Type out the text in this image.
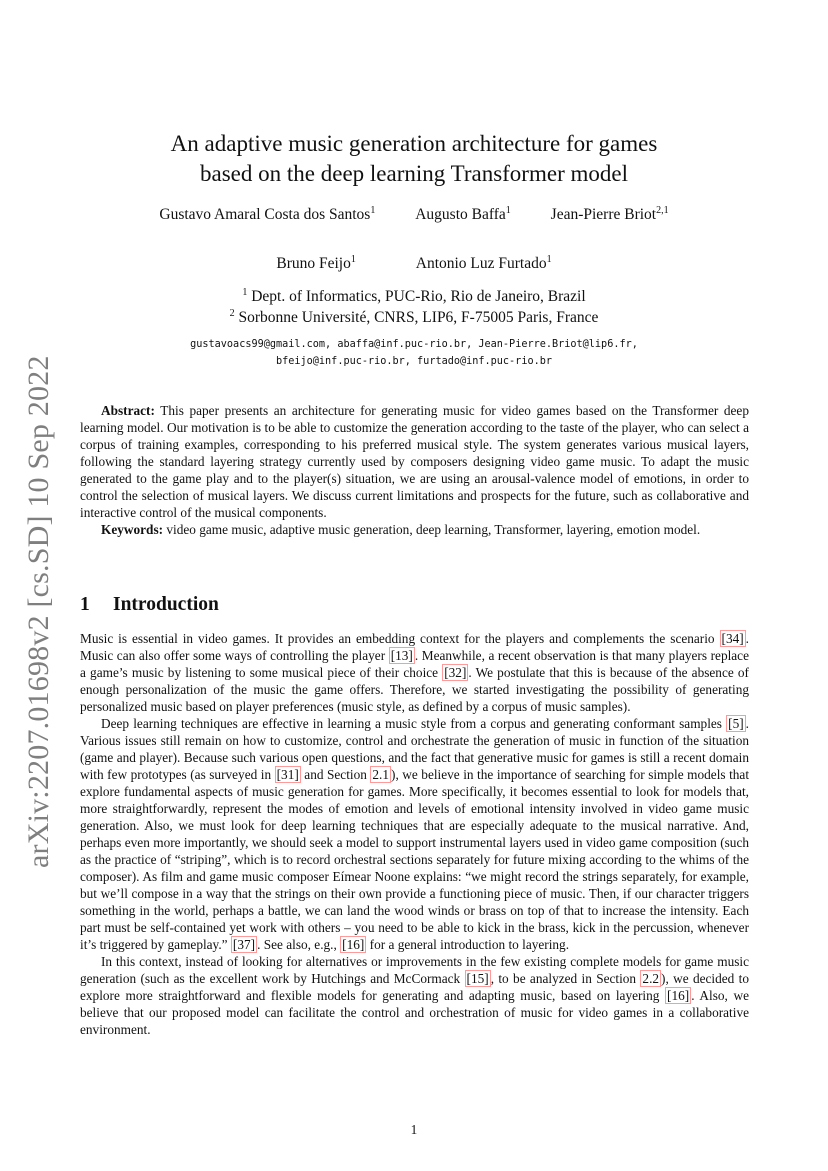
arXiv:2207.01698v2 [cs.SD] 10 Sep 2022
An adaptive music generation architecture for games
based on the deep learning Transformer model
Gustavo Amaral Costa dos Santos$^1$	Augusto Baffa$^1$	Jean-Pierre Briot$^{2,1}$
Bruno Feijo$^1$	Antonio Luz Furtado$^1$
$^1$ Dept. of Informatics, PUC-Rio, Rio de Janeiro, Brazil
$^2$ Sorbonne Université, CNRS, LIP6, F-75005 Paris, France
gustavoacs99@gmail.com, abaffa@inf.puc-rio.br, Jean-Pierre.Briot@lip6.fr,
bfeijo@inf.puc-rio.br, furtado@inf.puc-rio.br

Abstract: This paper presents an architecture for generating music for video games based on the Transformer deep learning model. Our motivation is to be able to customize the generation according to the taste of the player, who can select a corpus of training examples, corresponding to his preferred musical style. The system generates various musical layers, following the standard layering strategy currently used by composers designing video game music. To adapt the music generated to the game play and to the player(s) situation, we are using an arousal-valence model of emotions, in order to control the selection of musical layers. We discuss current limitations and prospects for the future, such as collaborative and interactive control of the musical components.

Keywords: video game music, adaptive music generation, deep learning, Transformer, layering, emotion model.

1 Introduction

Music is essential in video games. It provides an embedding context for the players and complements the scenario [34] . Music can also offer some ways of controlling the player [13] . Meanwhile, a recent observation is that many players replace a game’s music by listening to some musical piece of their choice [32] . We postulate that this is because of the absence of enough personalization of the music the game offers. Therefore, we started investigating the possibility of generating personalized music based on player preferences (music style, as defined by a corpus of music samples).

Deep learning techniques are effective in learning a music style from a corpus and generating conformant samples [5] . Various issues still remain on how to customize, control and orchestrate the generation of music in function of the situation (game and player). Because such various open questions, and the fact that generative music for games is still a recent domain with few prototypes (as surveyed in [31] and Section 2.1 ), we believe in the importance of searching for simple models that explore fundamental aspects of music generation for games. More specifically, it becomes essential to look for models that, more straightforwardly, represent the modes of emotion and levels of emotional intensity involved in video game music generation. Also, we must look for deep learning techniques that are especially adequate to the musical narrative. And, perhaps even more importantly, we should seek a model to support instrumental layers used in video game composition (such as the practice of “striping”, which is to record orchestral sections separately for future mixing according to the whims of the composer). As film and game music composer Eímear Noone explains: “we might record the strings separately, for example, but we’ll compose in a way that the strings on their own provide a functioning piece of music. Then, if our character triggers something in the world, perhaps a battle, we can land the wood winds or brass on top of that to increase the intensity. Each part must be self-contained yet work with others – you need to be able to kick in the brass, kick in the percussion, whenever it’s triggered by gameplay.” [37] . See also, e.g., [16] for a general introduction to layering.

In this context, instead of looking for alternatives or improvements in the few existing complete models for game music generation (such as the excellent work by Hutchings and McCormack [15] , to be analyzed in Section 2.2 ), we decided to explore more straightforward and flexible models for generating and adapting music, based on layering [16] . Also, we believe that our proposed model can facilitate the control and orchestration of music for video games in a collaborative environment.

1
